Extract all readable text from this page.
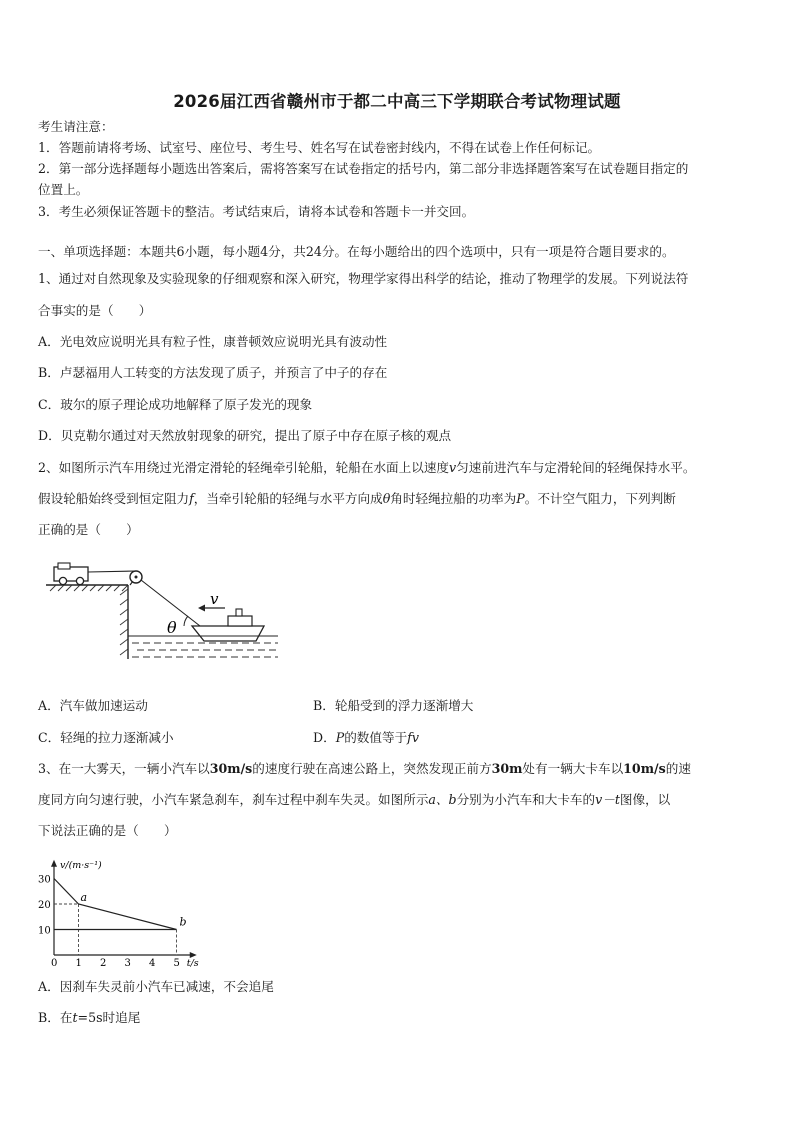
2026届江西省赣州市于都二中高三下学期联合考试物理试题
考生请注意：
1．答题前请将考场、试室号、座位号、考生号、姓名写在试卷密封线内，不得在试卷上作任何标记。
2．第一部分选择题每小题选出答案后，需将答案写在试卷指定的括号内，第二部分非选择题答案写在试卷题目指定的
位置上。
3．考生必须保证答题卡的整洁。考试结束后，请将本试卷和答题卡一并交回。
一、单项选择题：本题共6小题，每小题4分，共24分。在每小题给出的四个选项中，只有一项是符合题目要求的。
1、通过对自然现象及实验现象的仔细观察和深入研究，物理学家得出科学的结论，推动了物理学的发展。下列说法符
合事实的是（　　）
A．光电效应说明光具有粒子性，康普顿效应说明光具有波动性
B．卢瑟福用人工转变的方法发现了质子，并预言了中子的存在
C．玻尔的原子理论成功地解释了原子发光的现象
D．贝克勒尔通过对天然放射现象的研究，提出了原子中存在原子核的观点
2、如图所示汽车用绕过光滑定滑轮的轻绳牵引轮船，轮船在水面上以速度v匀速前进汽车与定滑轮间的轻绳保持水平。
假设轮船始终受到恒定阻力f，当牵引轮船的轻绳与水平方向成θ角时轻绳拉船的功率为P。不计空气阻力，下列判断
正确的是（　　）
v
θ
A．汽车做加速运动	B．轮船受到的浮力逐渐增大
C．轻绳的拉力逐渐减小	D．P的数值等于fv
3、在一大雾天，一辆小汽车以30m/s的速度行驶在高速公路上，突然发现正前方30m处有一辆大卡车以10m/s的速
度同方向匀速行驶，小汽车紧急刹车，刹车过程中刹车失灵。如图所示a、b分别为小汽车和大卡车的v－t图像，以
下说法正确的是（　　）
v/(m·s⁻¹)
t/s
0 1 2 3 4 5
10
20
30
a
b
A．因刹车失灵前小汽车已减速，不会追尾
B．在t=5s时追尾
